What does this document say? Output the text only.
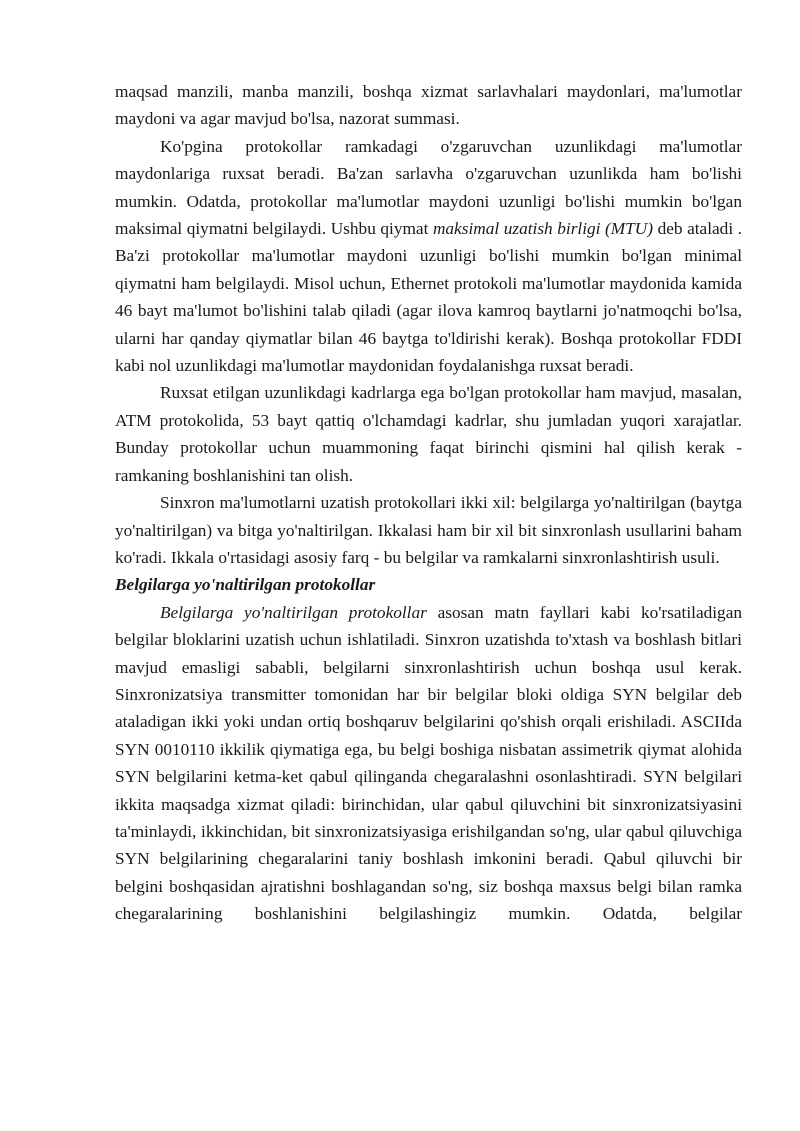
maqsad manzili, manba manzili, boshqa xizmat sarlavhalari maydonlari, ma'lumotlar maydoni va agar mavjud bo'lsa, nazorat summasi.

Ko'pgina protokollar ramkadagi o'zgaruvchan uzunlikdagi ma'lumotlar maydonlariga ruxsat beradi. Ba'zan sarlavha o'zgaruvchan uzunlikda ham bo'lishi mumkin. Odatda, protokollar ma'lumotlar maydoni uzunligi bo'lishi mumkin bo'lgan maksimal qiymatni belgilaydi. Ushbu qiymat maksimal uzatish birligi (MTU) deb ataladi . Ba'zi protokollar ma'lumotlar maydoni uzunligi bo'lishi mumkin bo'lgan minimal qiymatni ham belgilaydi. Misol uchun, Ethernet protokoli ma'lumotlar maydonida kamida 46 bayt ma'lumot bo'lishini talab qiladi (agar ilova kamroq baytlarni jo'natmoqchi bo'lsa, ularni har qanday qiymatlar bilan 46 baytga to'ldirishi kerak). Boshqa protokollar FDDI kabi nol uzunlikdagi ma'lumotlar maydonidan foydalanishga ruxsat beradi.

Ruxsat etilgan uzunlikdagi kadrlarga ega bo'lgan protokollar ham mavjud, masalan, ATM protokolida, 53 bayt qattiq o'lchamdagi kadrlar, shu jumladan yuqori xarajatlar. Bunday protokollar uchun muammoning faqat birinchi qismini hal qilish kerak - ramkaning boshlanishini tan olish.

Sinxron ma'lumotlarni uzatish protokollari ikki xil: belgilarga yo'naltirilgan (baytga yo'naltirilgan) va bitga yo'naltirilgan. Ikkalasi ham bir xil bit sinxronlash usullarini baham ko'radi. Ikkala o'rtasidagi asosiy farq - bu belgilar va ramkalarni sinxronlashtirish usuli.

Belgilarga yo'naltirilgan protokollar

Belgilarga yo'naltirilgan protokollar asosan matn fayllari kabi ko'rsatiladigan belgilar bloklarini uzatish uchun ishlatiladi. Sinxron uzatishda to'xtash va boshlash bitlari mavjud emasligi sababli, belgilarni sinxronlashtirish uchun boshqa usul kerak. Sinxronizatsiya transmitter tomonidan har bir belgilar bloki oldiga SYN belgilar deb ataladigan ikki yoki undan ortiq boshqaruv belgilarini qo'shish orqali erishiladi. ASCIIda SYN 0010110 ikkilik qiymatiga ega, bu belgi boshiga nisbatan assimetrik qiymat alohida SYN belgilarini ketma-ket qabul qilinganda chegaralashni osonlashtiradi. SYN belgilari ikkita maqsadga xizmat qiladi: birinchidan, ular qabul qiluvchini bit sinxronizatsiyasini ta'minlaydi, ikkinchidan, bit sinxronizatsiyasiga erishilgandan so'ng, ular qabul qiluvchiga SYN belgilarining chegaralarini taniy boshlash imkonini beradi. Qabul qiluvchi bir belgini boshqasidan ajratishni boshlagandan so'ng, siz boshqa maxsus belgi bilan ramka chegaralarining boshlanishini belgilashingiz mumkin. Odatda, belgilar
